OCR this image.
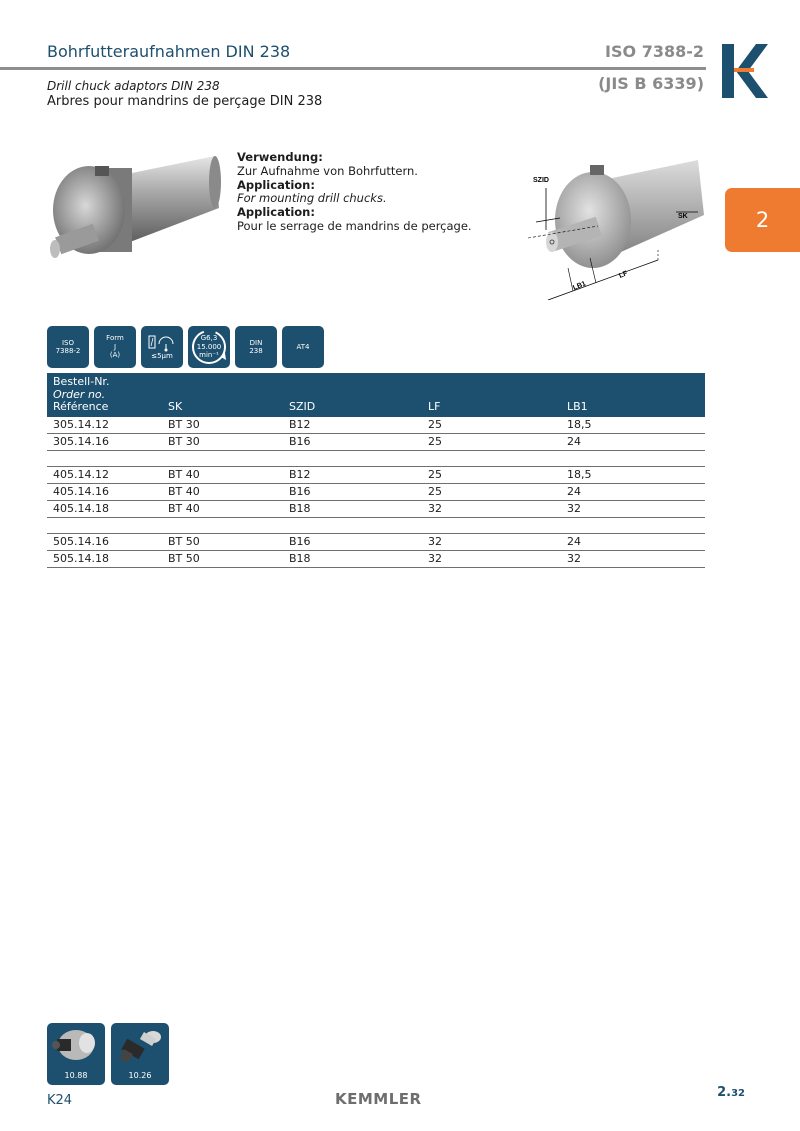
Bohrfutteraufnahmen DIN 238	ISO 7388-2
(JIS B 6339)
Drill chuck adaptors DIN 238
Arbres pour mandrins de perçage DIN 238
2
Verwendung:
Zur Aufnahme von Bohrfuttern.
Application:
For mounting drill chucks.
Application:
Pour le serrage de mandrins de perçage.
SZID
SK
LB1
LF
ISO
7388-2
Form
J
(A)	≤5µm
G6,3
15.000
min⁻¹
DIN
238
AT4
Bestell-Nr.
Order no.
Référence	SK	SZID	LF	LB1
305.14.12	BT 30	B12	25	18,5
305.14.16	BT 30	B16	25	24

405.14.12	BT 40	B12	25	18,5
405.14.16	BT 40	B16	25	24
405.14.18	BT 40	B18	32	32

505.14.16	BT 50	B16	32	24
505.14.18	BT 50	B18	32	32
10.88	10.26
K24	KEMMLER	2.32
